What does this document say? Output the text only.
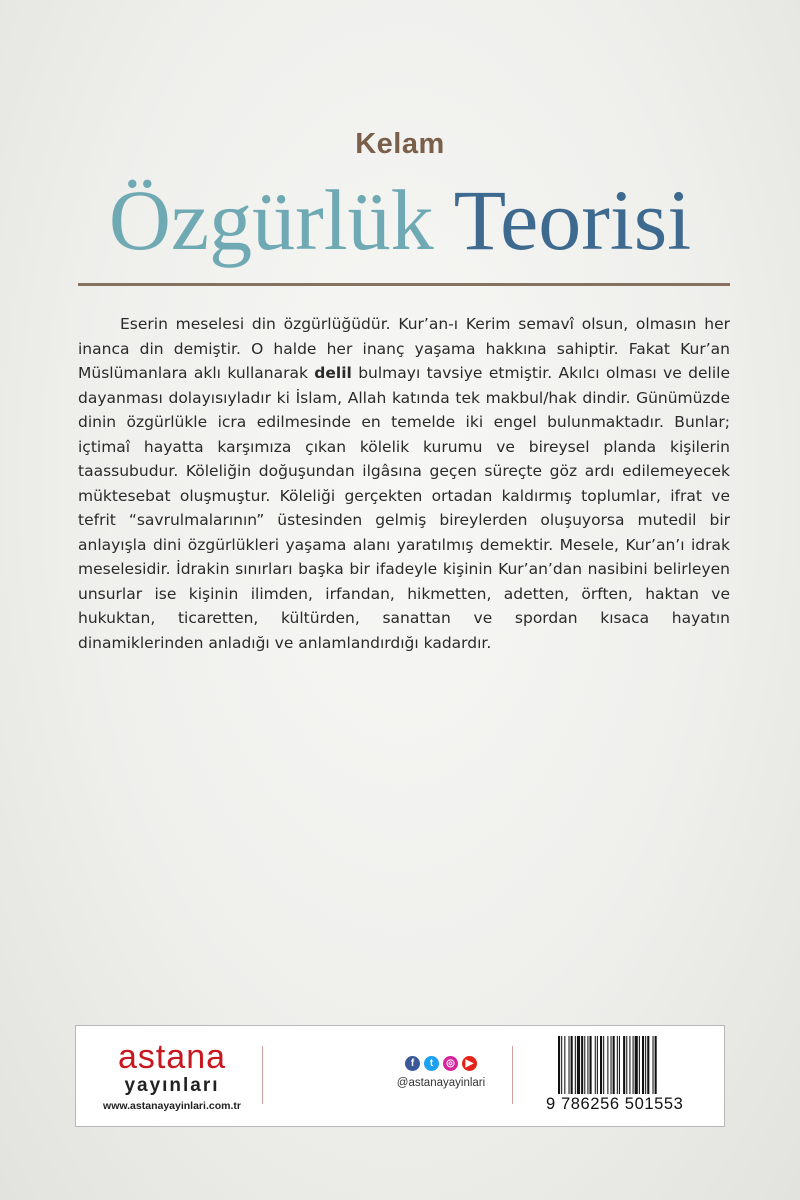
Kelam
Özgürlük Teorisi

Eserin meselesi din özgürlüğüdür. Kur’an-ı Kerim semavî olsun, olmasın her inanca din demiştir. O halde her inanç yaşama hakkına sahiptir. Fakat Kur’an Müslümanlara aklı kullanarak delil bulmayı tavsiye etmiştir. Akılcı olması ve delile dayanması dolayısıyladır ki İslam, Allah katında tek makbul/hak dindir. Günümüzde dinin özgürlükle icra edilmesinde en temelde iki engel bulunmaktadır. Bunlar; içtimaî hayatta karşımıza çıkan kölelik kurumu ve bireysel planda kişilerin taassubudur. Köleliğin doğuşundan ilgâsına geçen süreçte göz ardı edilemeyecek müktesebat oluşmuştur. Köleliği gerçekten ortadan kaldırmış toplumlar, ifrat ve tefrit “savrulmalarının” üstesinden gelmiş bireylerden oluşuyorsa mutedil bir anlayışla dini özgürlükleri yaşama alanı yaratılmış demektir. Mesele, Kur’an’ı idrak meselesidir. İdrakin sınırları başka bir ifadeyle kişinin Kur’an’dan nasibini belirleyen unsurlar ise kişinin ilimden, irfandan, hikmetten, adetten, örften, haktan ve hukuktan, ticaretten, kültürden, sanattan ve spordan kısaca hayatın dinamiklerinden anladığı ve anlamlandırdığı kadardır.

astana
yayınları
www.astanayayinlari.com.tr
f	t	◎	▶
@astanayayinlari
9 786256 501553
